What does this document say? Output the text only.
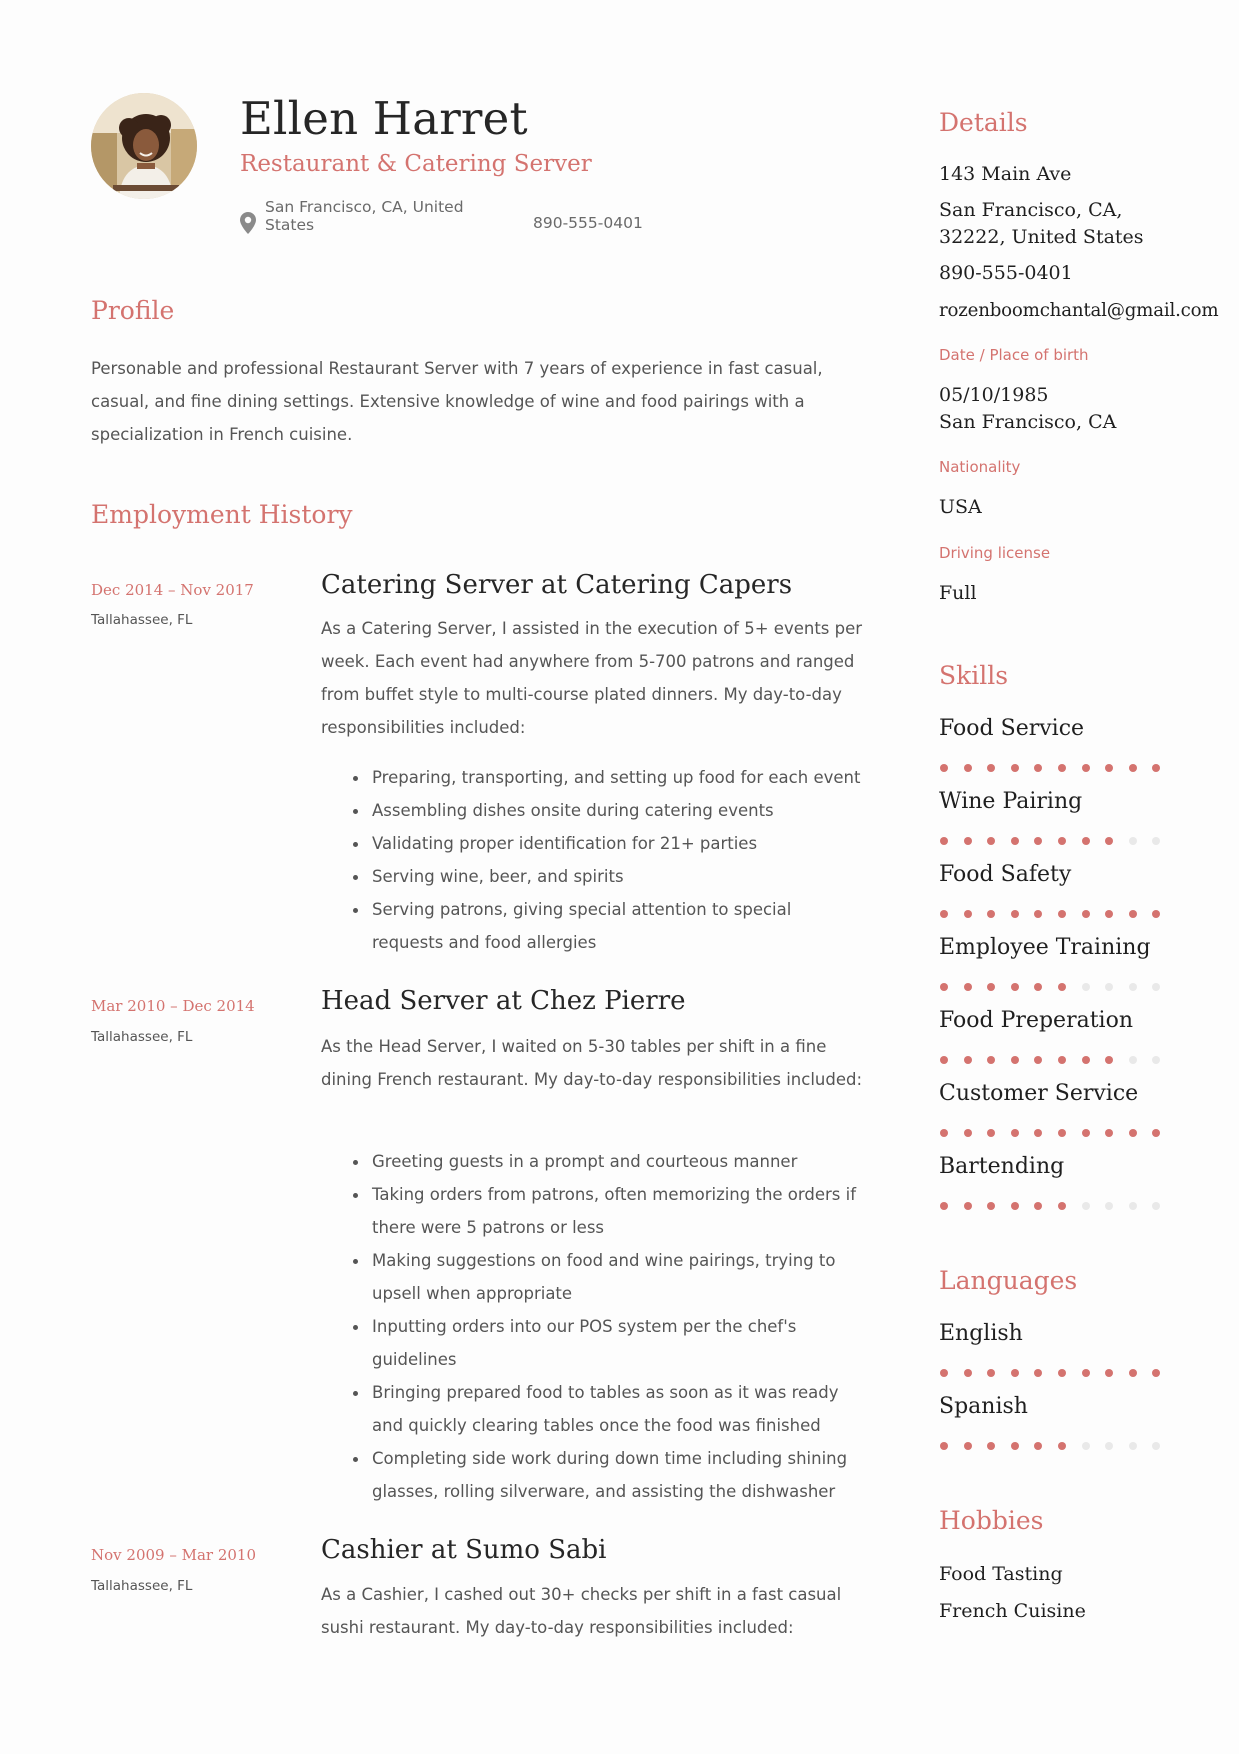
Ellen Harret
Restaurant & Catering Server
San Francisco, CA, United States	890-555-0401
Profile
Personable and professional Restaurant Server with 7 years of experience in fast casual, casual, and fine dining settings. Extensive knowledge of wine and food pairings with a specialization in French cuisine.
Employment History
Dec 2014 – Nov 2017
Tallahassee, FL
Catering Server at Catering Capers

As a Catering Server, I assisted in the execution of 5+ events per week. Each event had anywhere from 5-700 patrons and ranged from buffet style to multi-course plated dinners. My day-to-day responsibilities included:

Preparing, transporting, and setting up food for each event
Assembling dishes onsite during catering events
Validating proper identification for 21+ parties
Serving wine, beer, and spirits
Serving patrons, giving special attention to special requests and food allergies
Mar 2010 – Dec 2014
Tallahassee, FL
Head Server at Chez Pierre

As the Head Server, I waited on 5-30 tables per shift in a fine dining French restaurant. My day-to-day responsibilities included:

Greeting guests in a prompt and courteous manner
Taking orders from patrons, often memorizing the orders if there were 5 patrons or less
Making suggestions on food and wine pairings, trying to upsell when appropriate
Inputting orders into our POS system per the chef's guidelines
Bringing prepared food to tables as soon as it was ready and quickly clearing tables once the food was finished
Completing side work during down time including shining glasses, rolling silverware, and assisting the dishwasher
Nov 2009 – Mar 2010
Tallahassee, FL
Cashier at Sumo Sabi

As a Cashier, I cashed out 30+ checks per shift in a fast casual sushi restaurant. My day-to-day responsibilities included:

Details
143 Main Ave
San Francisco, CA,
32222, United States
890-555-0401
rozenboomchantal@gmail.com
Date / Place of birth
05/10/1985
San Francisco, CA
Nationality
USA
Driving license
Full
Skills
Food Service
Wine Pairing
Food Safety
Employee Training
Food Preperation
Customer Service
Bartending
Languages
English
Spanish
Hobbies
Food Tasting
French Cuisine
